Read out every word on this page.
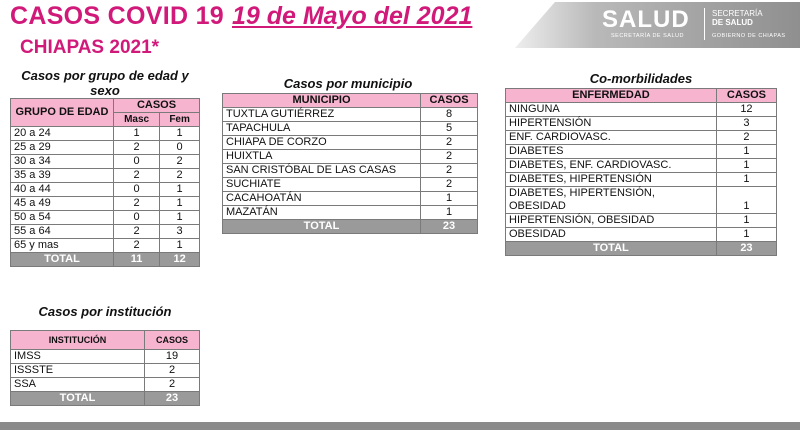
CASOS COVID 19 19 de Mayo del 2021
CHIAPAS 2021*
SALUD
SECRETARÍA DE SALUD
SECRETARÍA
DE SALUD
GOBIERNO DE CHIAPAS
Casos por grupo de edad y sexo
GRUPO DE EDAD	CASOS	
	Masc	Fem
20 a 24	1	1
25 a 29	2	0
30 a 34	0	2
35 a 39	2	2
40 a 44	0	1
45 a 49	2	1
50 a 54	0	1
55 a 64	2	3
65 y mas	2	1
TOTAL	11	12
Casos por municipio
MUNICIPIO	CASOS
TUXTLA GUTIÉRREZ	8
TAPACHULA	5
CHIAPA DE CORZO	2
HUIXTLA	2
SAN CRISTÓBAL DE LAS CASAS	2
SUCHIATE	2
CACAHOATÁN	1
MAZATÁN	1
TOTAL	23
Co-morbilidades
ENFERMEDAD	CASOS
NINGUNA	12
HIPERTENSIÓN	3
ENF. CARDIOVASC.	2
DIABETES	1
DIABETES, ENF. CARDIOVASC.	1
DIABETES, HIPERTENSIÓN	1
DIABETES, HIPERTENSIÓN, OBESIDAD	1
HIPERTENSIÓN, OBESIDAD	1
OBESIDAD	1
TOTAL	23
Casos por institución
INSTITUCIÓN	CASOS
IMSS	19
ISSSTE	2
SSA	2
TOTAL	23
